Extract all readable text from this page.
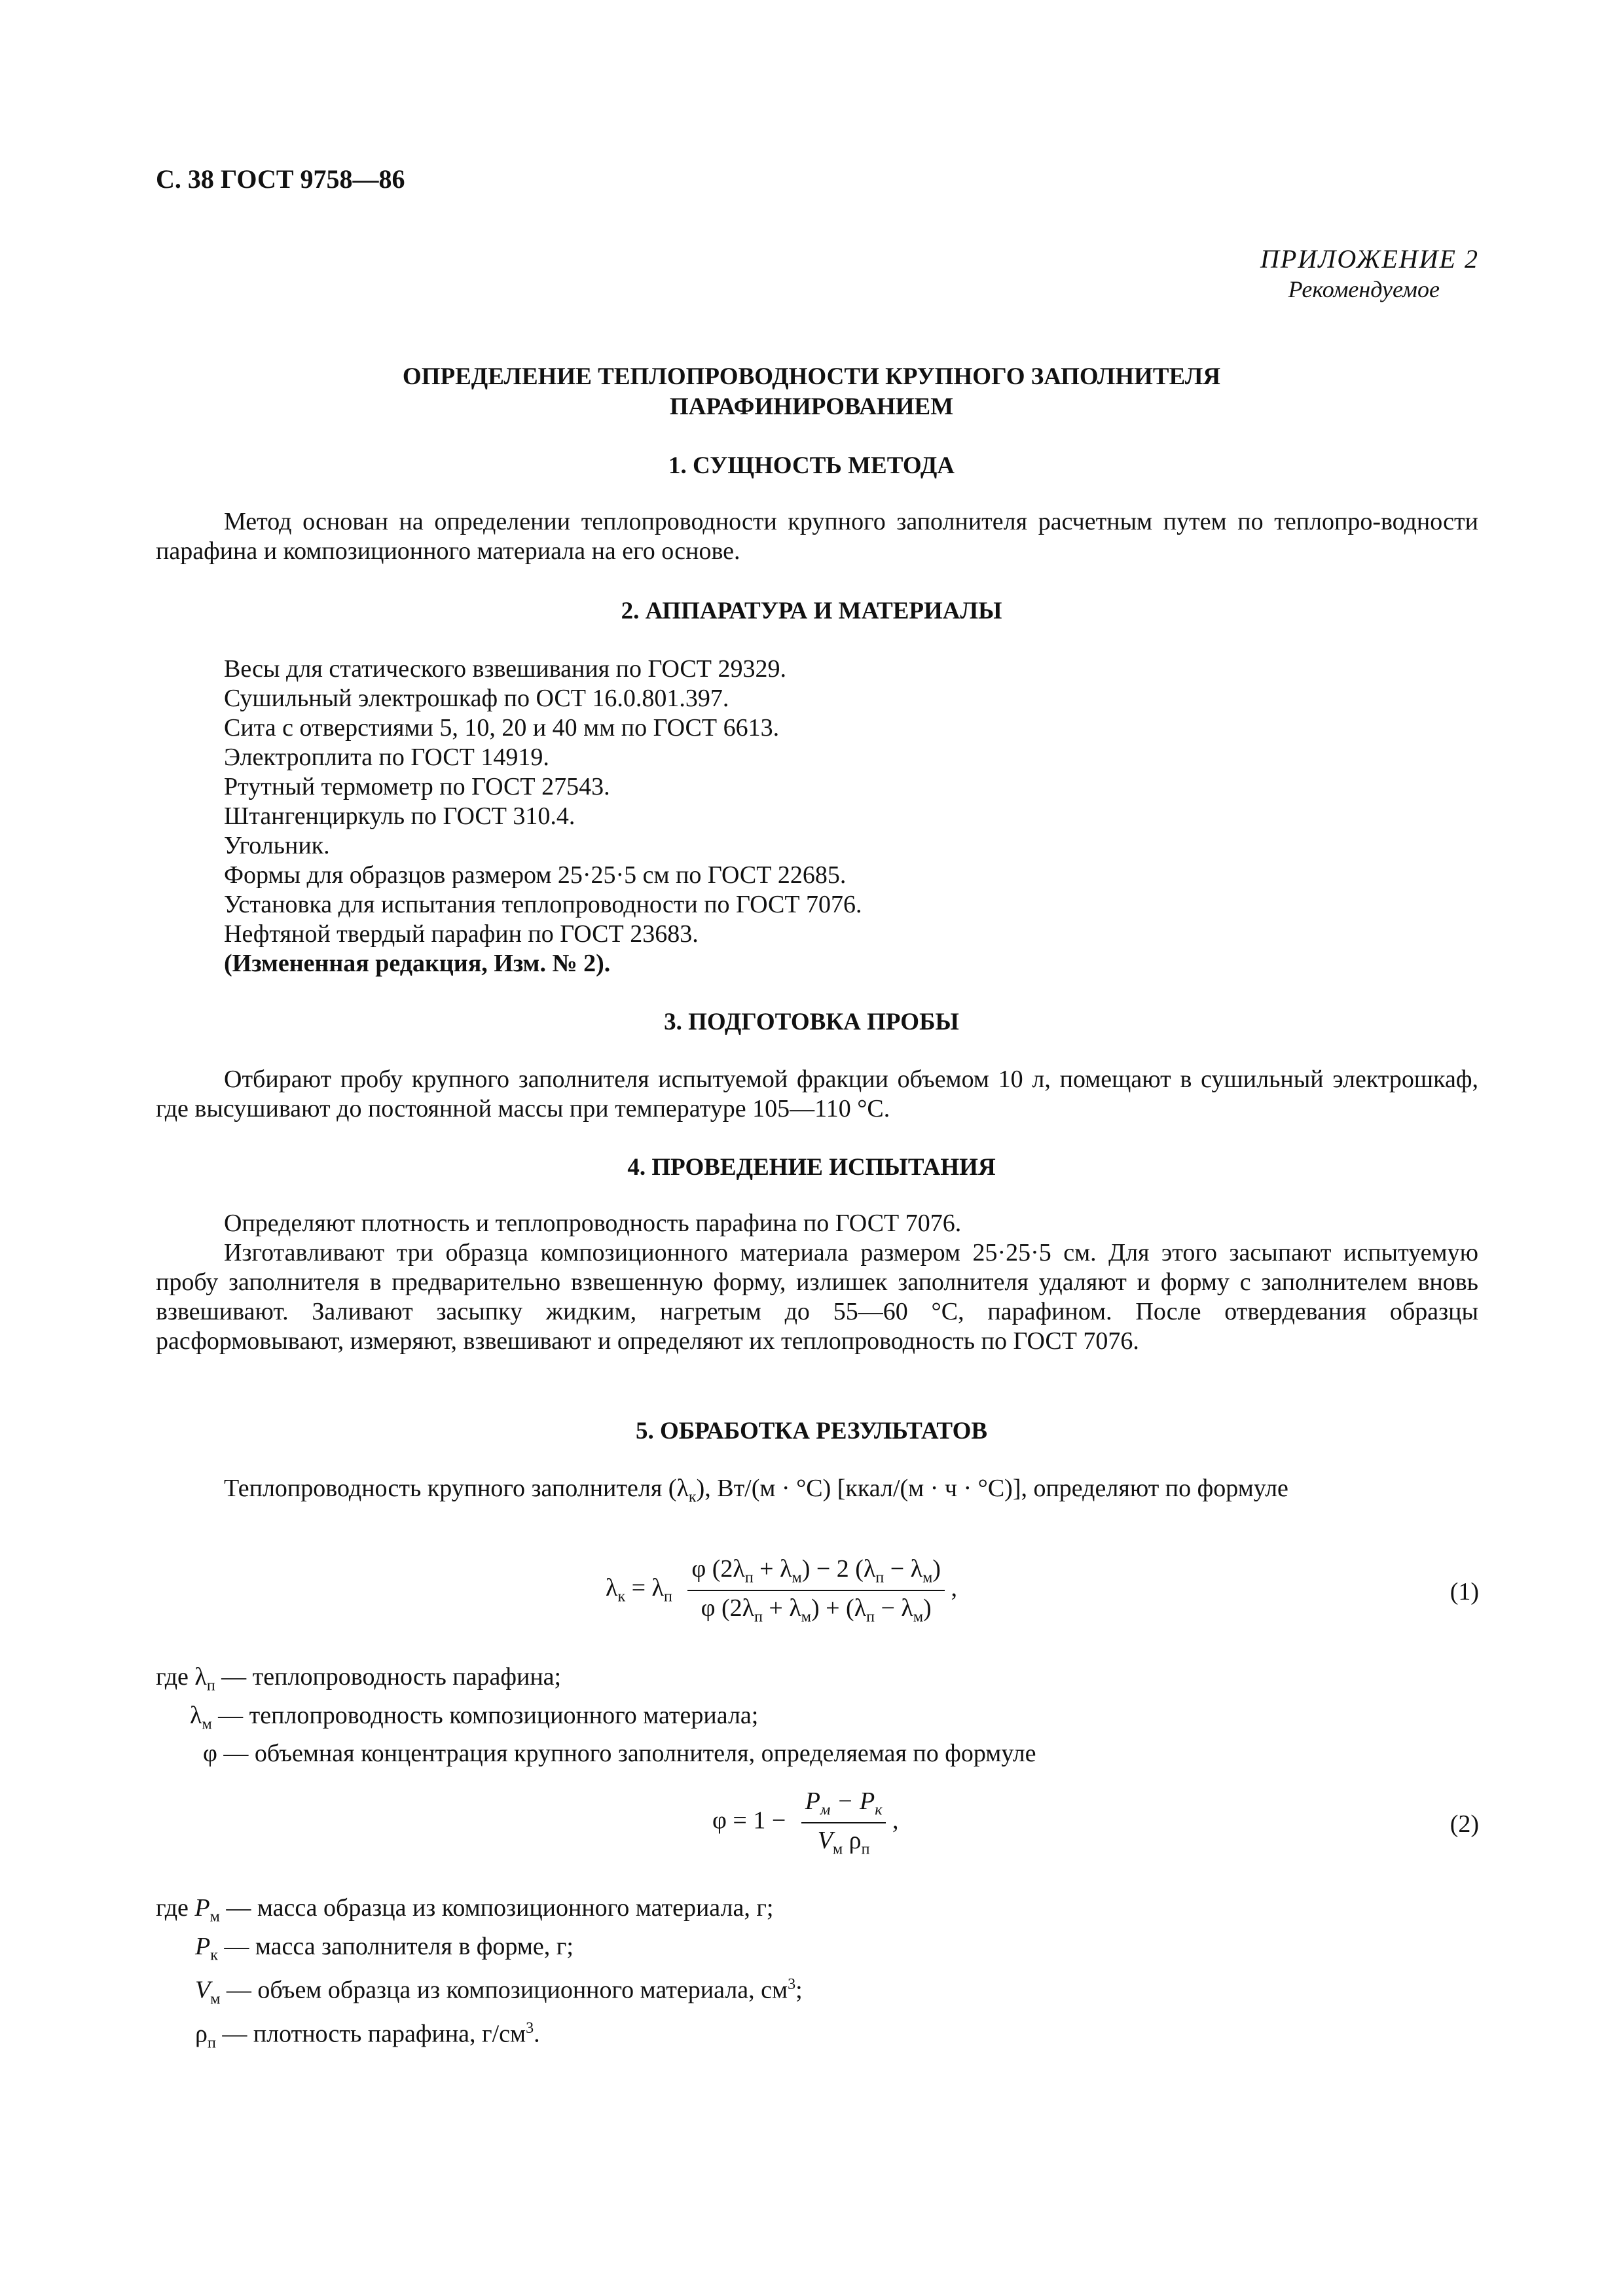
С. 38 ГОСТ 9758—86
ПРИЛОЖЕНИЕ 2
Рекомендуемое
ОПРЕДЕЛЕНИЕ ТЕПЛОПРОВОДНОСТИ КРУПНОГО ЗАПОЛНИТЕЛЯ
ПАРАФИНИРОВАНИЕМ
1. СУЩНОСТЬ МЕТОДА
Метод основан на определении теплопроводности крупного заполнителя расчетным путем по теплопро-водности парафина и композиционного материала на его основе.
2. АППАРАТУРА И МАТЕРИАЛЫ
Весы для статического взвешивания по ГОСТ 29329.
Сушильный электрошкаф по ОСТ 16.0.801.397.
Сита с отверстиями 5, 10, 20 и 40 мм по ГОСТ 6613.
Электроплита по ГОСТ 14919.
Ртутный термометр по ГОСТ 27543.
Штангенциркуль по ГОСТ 310.4.
Угольник.
Формы для образцов размером 25·25·5 см по ГОСТ 22685.
Установка для испытания теплопроводности по ГОСТ 7076.
Нефтяной твердый парафин по ГОСТ 23683.
(Измененная редакция, Изм. № 2).
3. ПОДГОТОВКА ПРОБЫ
Отбирают пробу крупного заполнителя испытуемой фракции объемом 10 л, помещают в сушильный электрошкаф, где высушивают до постоянной массы при температуре 105—110 °С.
4. ПРОВЕДЕНИЕ ИСПЫТАНИЯ
Определяют плотность и теплопроводность парафина по ГОСТ 7076.
Изготавливают три образца композиционного материала размером 25·25·5 см. Для этого засыпают испытуемую пробу заполнителя в предварительно взвешенную форму, излишек заполнителя удаляют и форму с заполнителем вновь взвешивают. Заливают засыпку жидким, нагретым до 55—60 °С, парафином. После отвердевания образцы расформовывают, измеряют, взвешивают и определяют их теплопроводность по ГОСТ 7076.
5. ОБРАБОТКА РЕЗУЛЬТАТОВ
Теплопроводность крупного заполнителя $(\lambda_к)$, Вт/(м · °С) [ккал/(м · ч · °С)], определяют по формуле
$\lambda_к = \lambda_п \frac{\varphi (2\lambda_п + \lambda_м) - 2 (\lambda_п - \lambda_м)}{\varphi (2\lambda_п + \lambda_м) + (\lambda_п - \lambda_м)}$ ,	(1)
где $\lambda_п$ — теплопроводность парафина;
$\lambda_м$ — теплопроводность композиционного материала;
φ — объемная концентрация крупного заполнителя, определяемая по формуле
$\varphi = 1 - \frac{P_м - P_к}{V_м \rho_п}$ ,	(2)
где $P_м$ — масса образца из композиционного материала, г;
$P_к$ — масса заполнителя в форме, г;
$V_м$ — объем образца из композиционного материала, $см^3$;
$\rho_п$ — плотность парафина, $г/см^3$.
